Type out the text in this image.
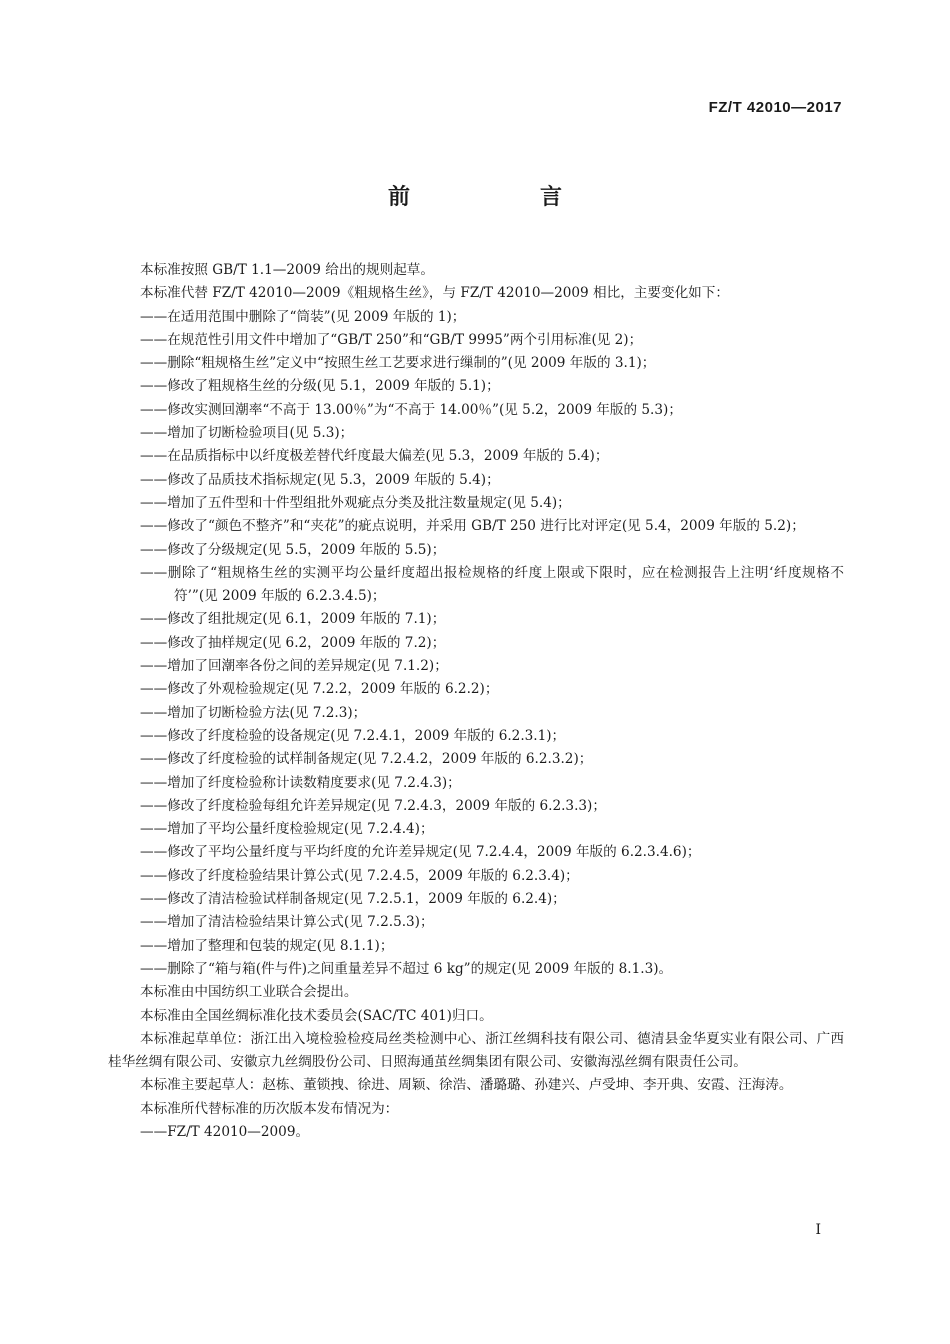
FZ/T 42010—2017
前　言

本标准按照 GB/T 1.1—2009 给出的规则起草。

本标准代替 FZ/T 42010—2009《粗规格生丝》，与 FZ/T 42010—2009 相比，主要变化如下：

——在适用范围中删除了“筒装”(见 2009 年版的 1)；

——在规范性引用文件中增加了“GB/T 250”和“GB/T 9995”两个引用标准(见 2)；

——删除“粗规格生丝”定义中“按照生丝工艺要求进行缫制的”(见 2009 年版的 3.1)；

——修改了粗规格生丝的分级(见 5.1，2009 年版的 5.1)；

——修改实测回潮率“不高于 13.00％”为“不高于 14.00％”(见 5.2，2009 年版的 5.3)；

——增加了切断检验项目(见 5.3)；

——在品质指标中以纤度极差替代纤度最大偏差(见 5.3，2009 年版的 5.4)；

——修改了品质技术指标规定(见 5.3，2009 年版的 5.4)；

——增加了五件型和十件型组批外观疵点分类及批注数量规定(见 5.4)；

——修改了“颜色不整齐”和“夹花”的疵点说明，并采用 GB/T 250 进行比对评定(见 5.4，2009 年版的 5.2)；

——修改了分级规定(见 5.5，2009 年版的 5.5)；

——删除了“粗规格生丝的实测平均公量纤度超出报检规格的纤度上限或下限时，应在检测报告上注明‘纤度规格不符’”(见 2009 年版的 6.2.3.4.5)；

——修改了组批规定(见 6.1，2009 年版的 7.1)；

——修改了抽样规定(见 6.2，2009 年版的 7.2)；

——增加了回潮率各份之间的差异规定(见 7.1.2)；

——修改了外观检验规定(见 7.2.2，2009 年版的 6.2.2)；

——增加了切断检验方法(见 7.2.3)；

——修改了纤度检验的设备规定(见 7.2.4.1，2009 年版的 6.2.3.1)；

——修改了纤度检验的试样制备规定(见 7.2.4.2，2009 年版的 6.2.3.2)；

——增加了纤度检验称计读数精度要求(见 7.2.4.3)；

——修改了纤度检验每组允许差异规定(见 7.2.4.3，2009 年版的 6.2.3.3)；

——增加了平均公量纤度检验规定(见 7.2.4.4)；

——修改了平均公量纤度与平均纤度的允许差异规定(见 7.2.4.4，2009 年版的 6.2.3.4.6)；

——修改了纤度检验结果计算公式(见 7.2.4.5，2009 年版的 6.2.3.4)；

——修改了清洁检验试样制备规定(见 7.2.5.1，2009 年版的 6.2.4)；

——增加了清洁检验结果计算公式(见 7.2.5.3)；

——增加了整理和包装的规定(见 8.1.1)；

——删除了“箱与箱(件与件)之间重量差异不超过 6 kg”的规定(见 2009 年版的 8.1.3)。

本标准由中国纺织工业联合会提出。

本标准由全国丝绸标准化技术委员会(SAC/TC 401)归口。

本标准起草单位：浙江出入境检验检疫局丝类检测中心、浙江丝绸科技有限公司、德清县金华夏实业有限公司、广西桂华丝绸有限公司、安徽京九丝绸股份公司、日照海通茧丝绸集团有限公司、安徽海泓丝绸有限责任公司。

本标准主要起草人：赵栋、董锁拽、徐进、周颖、徐浩、潘璐璐、孙建兴、卢受坤、李开典、安霞、汪海涛。

本标准所代替标准的历次版本发布情况为：

——FZ/T 42010—2009。

I
